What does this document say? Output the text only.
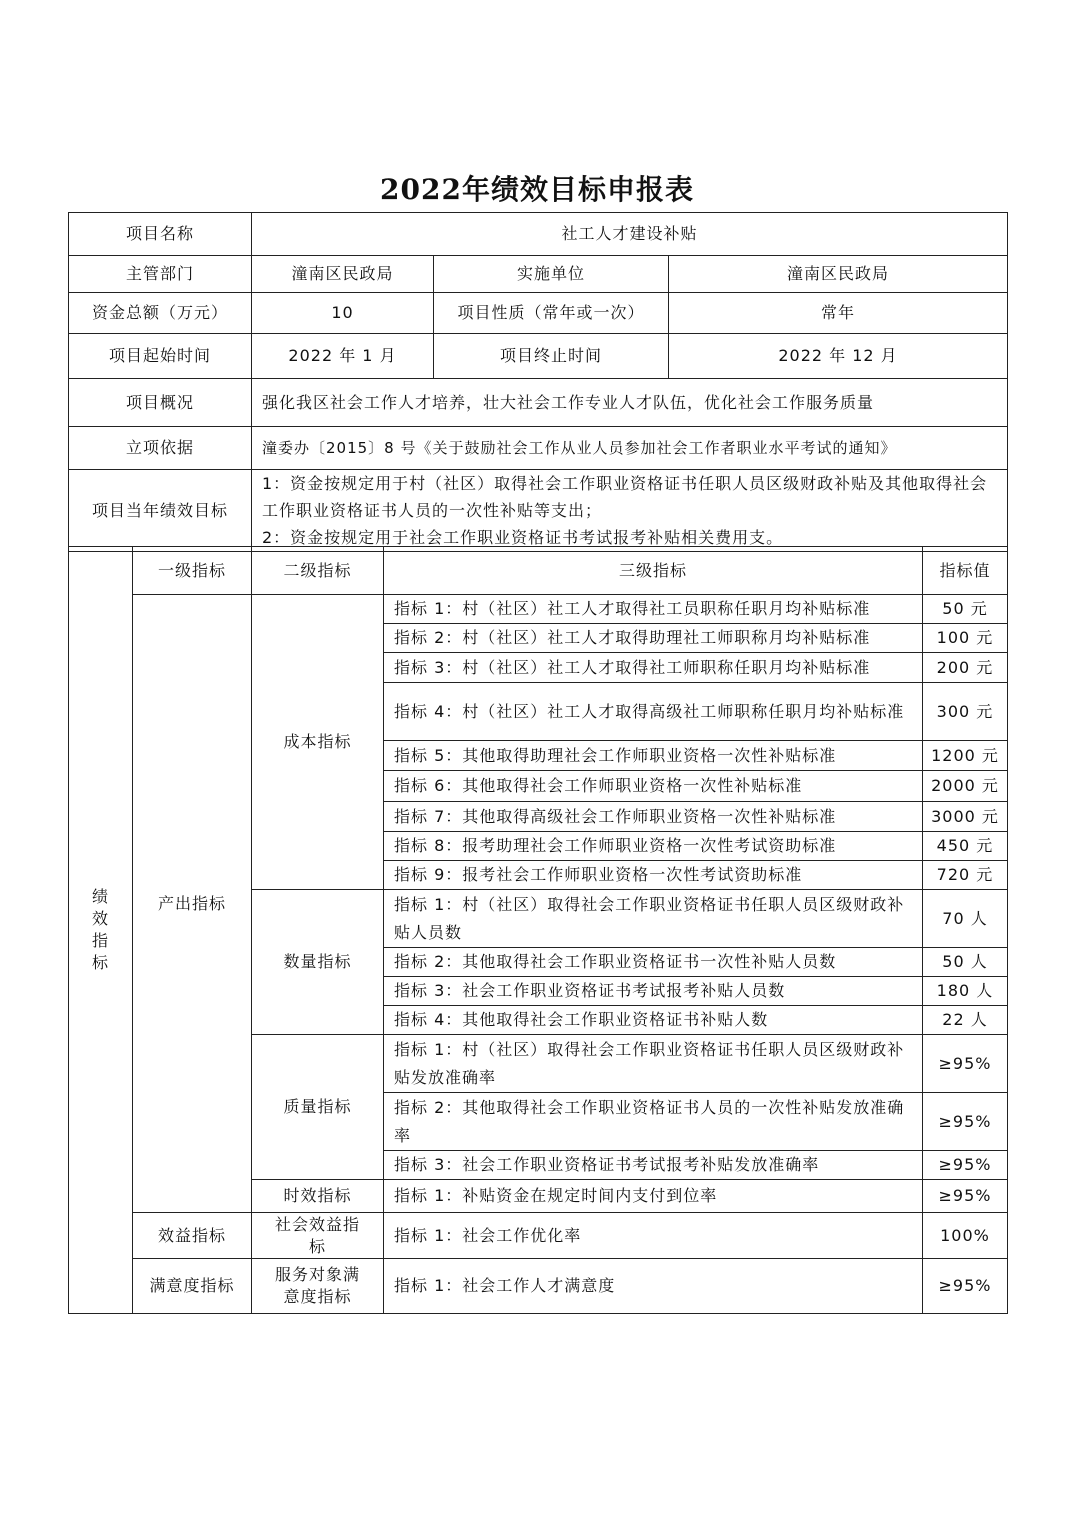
2022年绩效目标申报表
项目名称	社工人才建设补贴		
主管部门	潼南区民政局	实施单位	潼南区民政局
资金总额（万元）	10	项目性质（常年或一次）	常年
项目起始时间	2022 年 1 月	项目终止时间	2022 年 12 月
项目概况	强化我区社会工作人才培养，壮大社会工作专业人才队伍，优化社会工作服务质量		
立项依据	潼委办〔2015〕8 号《关于鼓励社会工作从业人员参加社会工作者职业水平考试的通知》		
项目当年绩效目标	1：资金按规定用于村（社区）取得社会工作职业资格证书任职人员区级财政补贴及其他取得社会工作职业资格证书人员的一次性补贴等支出；
2：资金按规定用于社会工作职业资格证书考试报考补贴相关费用支。		
绩效指标	一级指标	二级指标	三级指标	指标值
	产出指标	成本指标	指标 1：村（社区）社工人才取得社工员职称任职月均补贴标准	50 元
			指标 2：村（社区）社工人才取得助理社工师职称月均补贴标准	100 元
			指标 3：村（社区）社工人才取得社工师职称任职月均补贴标准	200 元
			指标 4：村（社区）社工人才取得高级社工师职称任职月均补贴标准	300 元
			指标 5：其他取得助理社会工作师职业资格一次性补贴标准	1200 元
			指标 6：其他取得社会工作师职业资格一次性补贴标准	2000 元
			指标 7：其他取得高级社会工作师职业资格一次性补贴标准	3000 元
			指标 8：报考助理社会工作师职业资格一次性考试资助标准	450 元
			指标 9：报考社会工作师职业资格一次性考试资助标准	720 元
		数量指标	指标 1：村（社区）取得社会工作职业资格证书任职人员区级财政补贴人员数	70 人
			指标 2：其他取得社会工作职业资格证书一次性补贴人员数	50 人
			指标 3：社会工作职业资格证书考试报考补贴人员数	180 人
			指标 4：其他取得社会工作职业资格证书补贴人数	22 人
		质量指标	指标 1：村（社区）取得社会工作职业资格证书任职人员区级财政补贴发放准确率	≥95%
			指标 2：其他取得社会工作职业资格证书人员的一次性补贴发放准确率	≥95%
			指标 3：社会工作职业资格证书考试报考补贴发放准确率	≥95%
		时效指标	指标 1：补贴资金在规定时间内支付到位率	≥95%
	效益指标	社会效益指标	指标 1：社会工作优化率	100%
	满意度指标	服务对象满意度指标	指标 1：社会工作人才满意度	≥95%
